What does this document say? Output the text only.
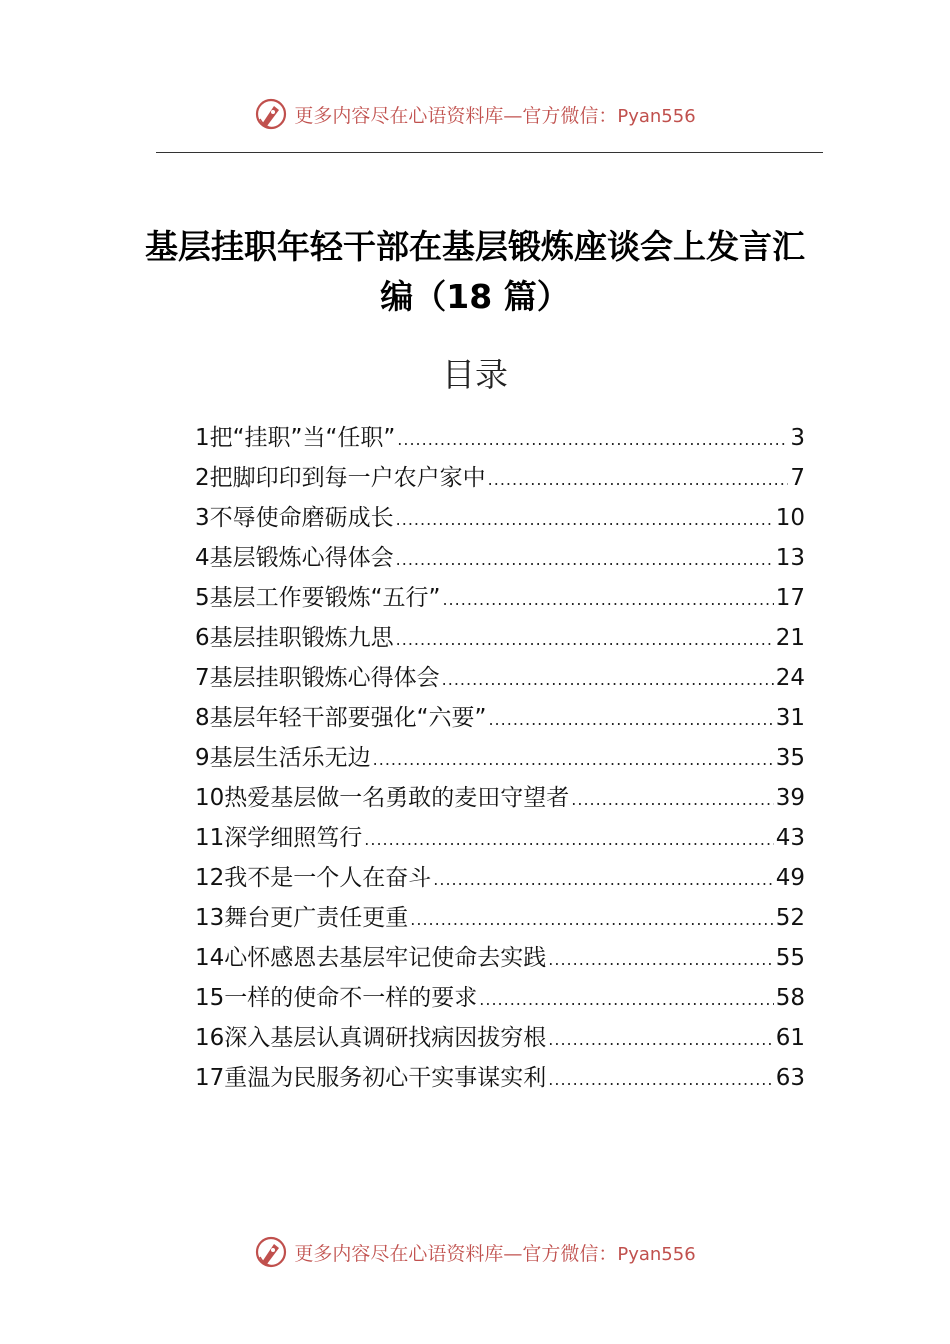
更多内容尽在心语资料库—官方微信：Pyan556
基层挂职年轻干部在基层锻炼座谈会上发言汇编（18 篇）
目录
1把“挂职”当“任职” .....	3
2把脚印印到每一户农户家中 .....	7
3不辱使命磨砺成长 .....	10
4基层锻炼心得体会 .....	13
5基层工作要锻炼“五行” .....	17
6基层挂职锻炼九思 .....	21
7基层挂职锻炼心得体会 .....	24
8基层年轻干部要强化“六要” .....	31
9基层生活乐无边 .....	35
10热爱基层做一名勇敢的麦田守望者 .....	39
11深学细照笃行 .....	43
12我不是一个人在奋斗 .....	49
13舞台更广责任更重 .....	52
14心怀感恩去基层牢记使命去实践 .....	55
15一样的使命不一样的要求 .....	58
16深入基层认真调研找病因拔穷根 .....	61
17重温为民服务初心干实事谋实利 .....	63
更多内容尽在心语资料库—官方微信：Pyan556
